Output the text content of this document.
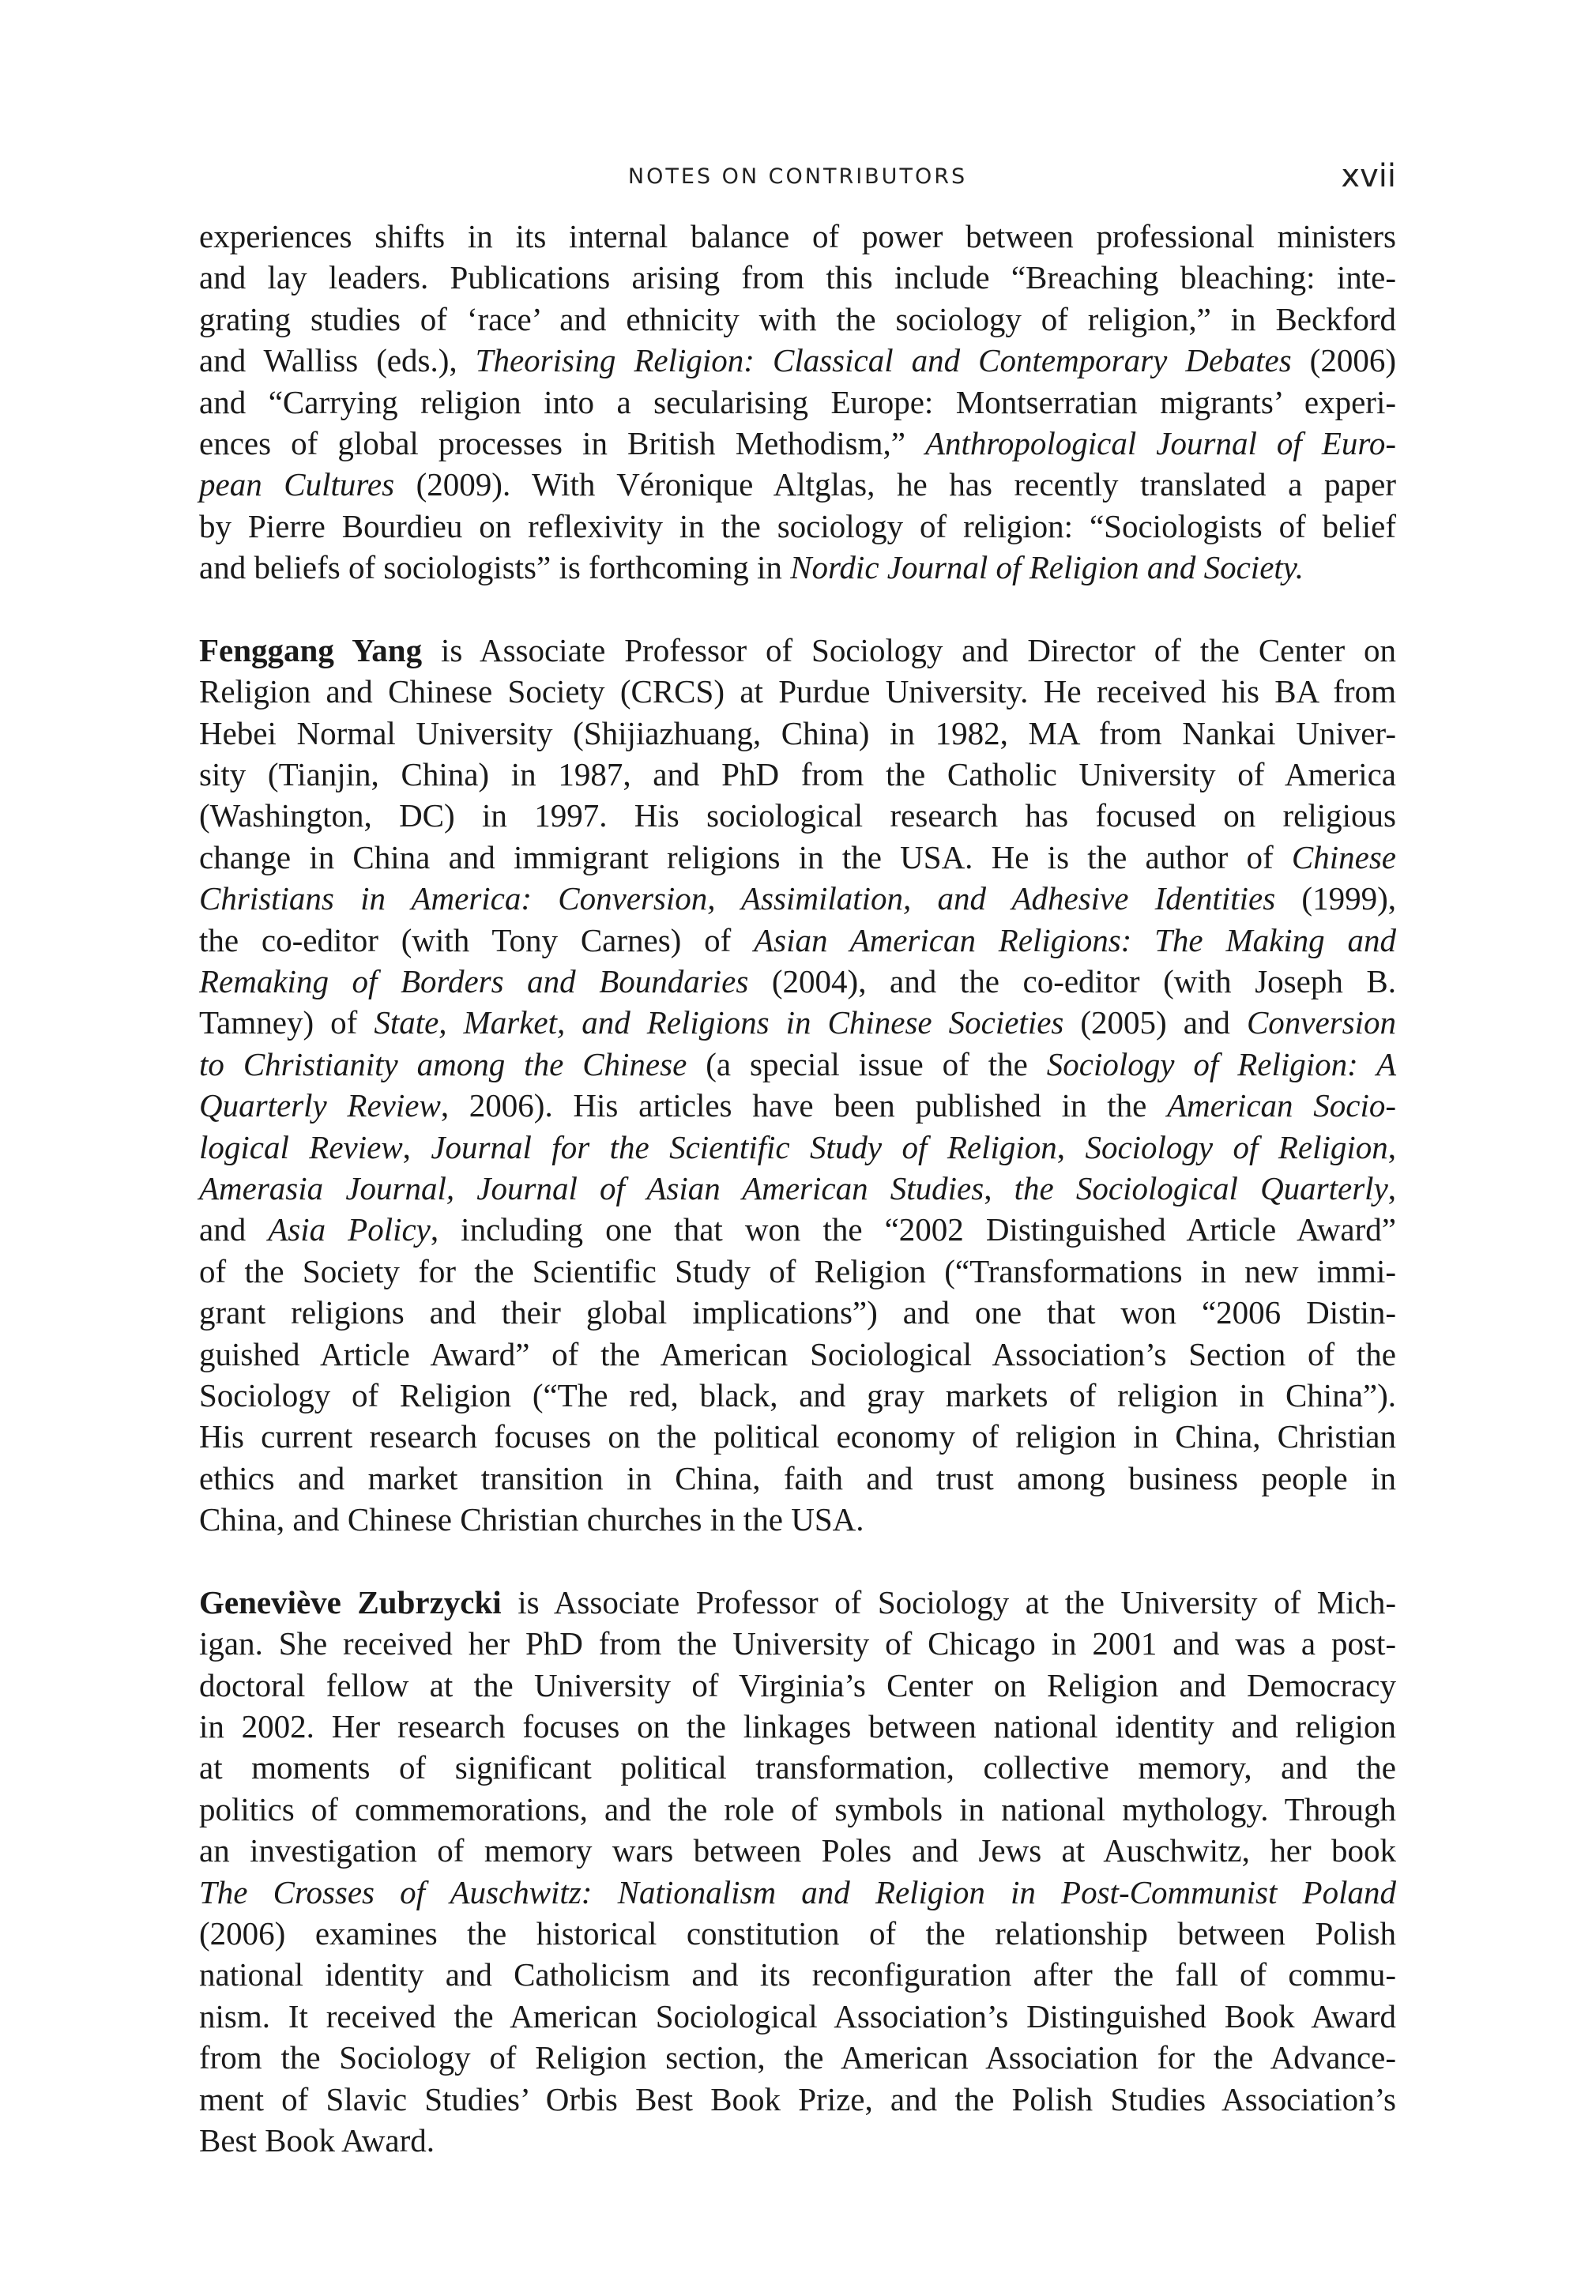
NOTES ON CONTRIBUTORS	xvii
experiences shifts in its internal balance of power between professional ministers
and lay leaders. Publications arising from this include “Breaching bleaching: inte-
grating studies of ‘race’ and ethnicity with the sociology of religion,” in Beckford
and Walliss (eds.), Theorising Religion: Classical and Contemporary Debates (2006)
and “Carrying religion into a secularising Europe: Montserratian migrants’ experi-
ences of global processes in British Methodism,” Anthropological Journal of Euro-
pean Cultures (2009). With Véronique Altglas, he has recently translated a paper
by Pierre Bourdieu on reflexivity in the sociology of religion: “Sociologists of belief
and beliefs of sociologists” is forthcoming in Nordic Journal of Religion and Society.
Fenggang Yang is Associate Professor of Sociology and Director of the Center on
Religion and Chinese Society (CRCS) at Purdue University. He received his BA from
Hebei Normal University (Shijiazhuang, China) in 1982, MA from Nankai Univer-
sity (Tianjin, China) in 1987, and PhD from the Catholic University of America
(Washington, DC) in 1997. His sociological research has focused on religious
change in China and immigrant religions in the USA. He is the author of Chinese
Christians in America: Conversion, Assimilation, and Adhesive Identities (1999),
the co-editor (with Tony Carnes) of Asian American Religions: The Making and
Remaking of Borders and Boundaries (2004), and the co-editor (with Joseph B.
Tamney) of State, Market, and Religions in Chinese Societies (2005) and Conversion
to Christianity among the Chinese (a special issue of the Sociology of Religion: A
Quarterly Review, 2006). His articles have been published in the American Socio-
logical Review, Journal for the Scientific Study of Religion, Sociology of Religion,
Amerasia Journal, Journal of Asian American Studies, the Sociological Quarterly,
and Asia Policy, including one that won the “2002 Distinguished Article Award”
of the Society for the Scientific Study of Religion (“Transformations in new immi-
grant religions and their global implications”) and one that won “2006 Distin-
guished Article Award” of the American Sociological Association’s Section of the
Sociology of Religion (“The red, black, and gray markets of religion in China”).
His current research focuses on the political economy of religion in China, Christian
ethics and market transition in China, faith and trust among business people in
China, and Chinese Christian churches in the USA.
Geneviève Zubrzycki is Associate Professor of Sociology at the University of Mich-
igan. She received her PhD from the University of Chicago in 2001 and was a post-
doctoral fellow at the University of Virginia’s Center on Religion and Democracy
in 2002. Her research focuses on the linkages between national identity and religion
at moments of significant political transformation, collective memory, and the
politics of commemorations, and the role of symbols in national mythology. Through
an investigation of memory wars between Poles and Jews at Auschwitz, her book
The Crosses of Auschwitz: Nationalism and Religion in Post-Communist Poland
(2006) examines the historical constitution of the relationship between Polish
national identity and Catholicism and its reconfiguration after the fall of commu-
nism. It received the American Sociological Association’s Distinguished Book Award
from the Sociology of Religion section, the American Association for the Advance-
ment of Slavic Studies’ Orbis Best Book Prize, and the Polish Studies Association’s
Best Book Award.
